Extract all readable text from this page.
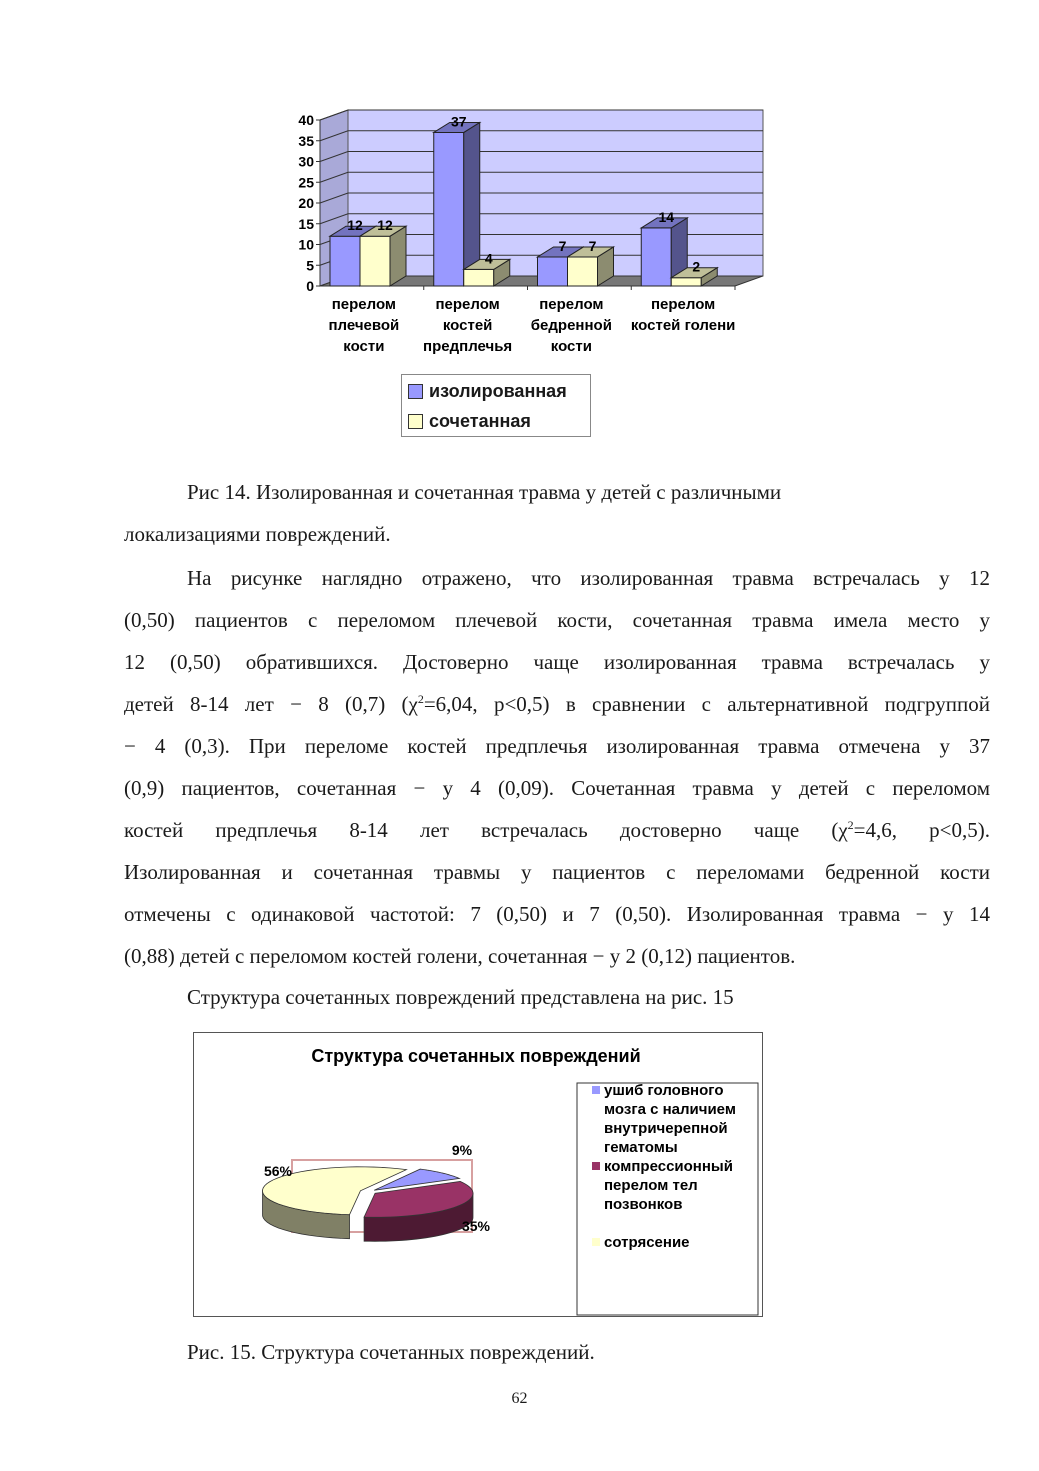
0
5
10
15
20
25
30
35
40
12 12
37
4
7 7
14
2
перелом
плечевой
кости
перелом
костей
предплечья
перелом
бедренной
кости
перелом
костей голени
изолированная
сочетанная
Рис 14. Изолированная и сочетанная травма у детей с различными
локализациями повреждений.
На рисунке наглядно отражено, что изолированная травма встречалась у 12
(0,50) пациентов с переломом плечевой кости, сочетанная травма имела место у
12 (0,50) обратившихся. Достоверно чаще изолированная травма встречалась у
детей 8-14 лет − 8 (0,7) ($\chi^2=6,04$, p<0,5) в сравнении с альтернативной подгруппой
− 4 (0,3). При переломе костей предплечья изолированная травма отмечена у 37
(0,9) пациентов, сочетанная − у 4 (0,09). Сочетанная травма у детей с переломом
костей предплечья 8-14 лет встречалась достоверно чаще ($\chi^2=4,6$, p<0,5).
Изолированная и сочетанная травмы у пациентов с переломами бедренной кости
отмечены с одинаковой частотой: 7 (0,50) и 7 (0,50). Изолированная травма − у 14
(0,88) детей с переломом костей голени, сочетанная − у 2 (0,12) пациентов.
Структура сочетанных повреждений представлена на рис. 15
Структура сочетанных повреждений
ушиб головного
мозга с наличием
внутричерепной
гематомы
компрессионный
перелом тел
позвонков
сотрясение
9%
35%
56%
Рис. 15. Структура сочетанных повреждений.
62
